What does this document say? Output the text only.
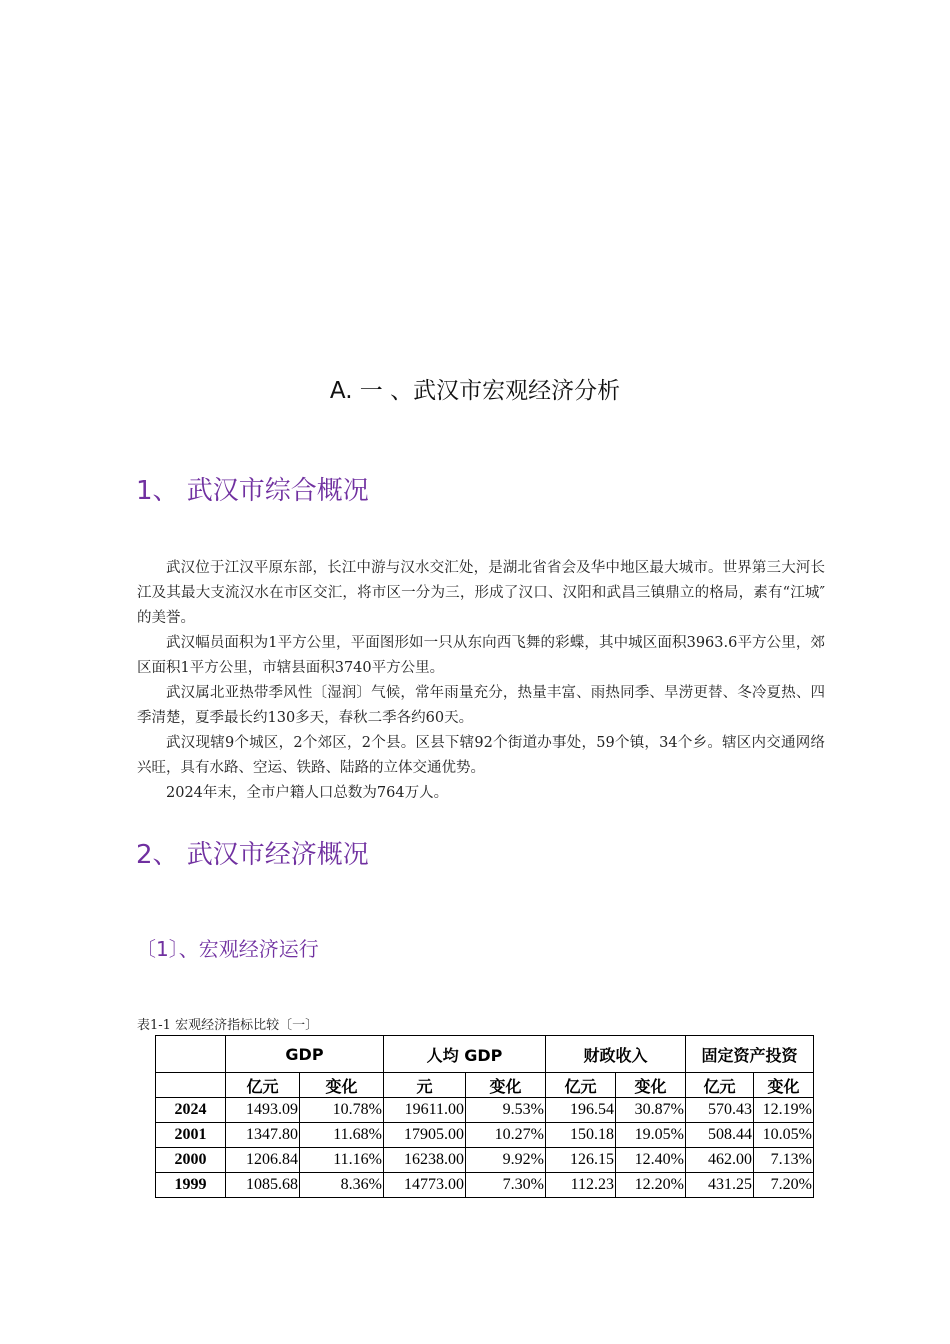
A. 一 、武汉市宏观经济分析
1、 武汉市综合概况

武汉位于江汉平原东部，长江中游与汉水交汇处，是湖北省省会及华中地区最大城市。世界第三大河长江及其最大支流汉水在市区交汇，将市区一分为三，形成了汉口、汉阳和武昌三镇鼎立的格局，素有“江城″的美誉。

武汉幅员面积为1平方公里，平面图形如一只从东向西飞舞的彩蝶，其中城区面积3963.6平方公里，郊区面积1平方公里，市辖县面积3740平方公里。

武汉属北亚热带季风性〔湿润〕气候，常年雨量充分，热量丰富、雨热同季、旱涝更替、冬冷夏热、四季清楚，夏季最长约130多天，春秋二季各约60天。

武汉现辖9个城区，2个郊区，2个县。区县下辖92个街道办事处，59个镇，34个乡。辖区内交通网络兴旺，具有水路、空运、铁路、陆路的立体交通优势。

2024年末，全市户籍人口总数为764万人。

2、 武汉市经济概况
〔1〕、宏观经济运行
表1-1 宏观经济指标比较〔一〕
	GDP		人均 GDP		财政收入		固定资产投资	
	亿元	变化	元	变化	亿元	变化	亿元	变化
2024	1493.09	10.78%	19611.00	9.53%	196.54	30.87%	570.43	12.19%
2001	1347.80	11.68%	17905.00	10.27%	150.18	19.05%	508.44	10.05%
2000	1206.84	11.16%	16238.00	9.92%	126.15	12.40%	462.00	7.13%
1999	1085.68	8.36%	14773.00	7.30%	112.23	12.20%	431.25	7.20%
